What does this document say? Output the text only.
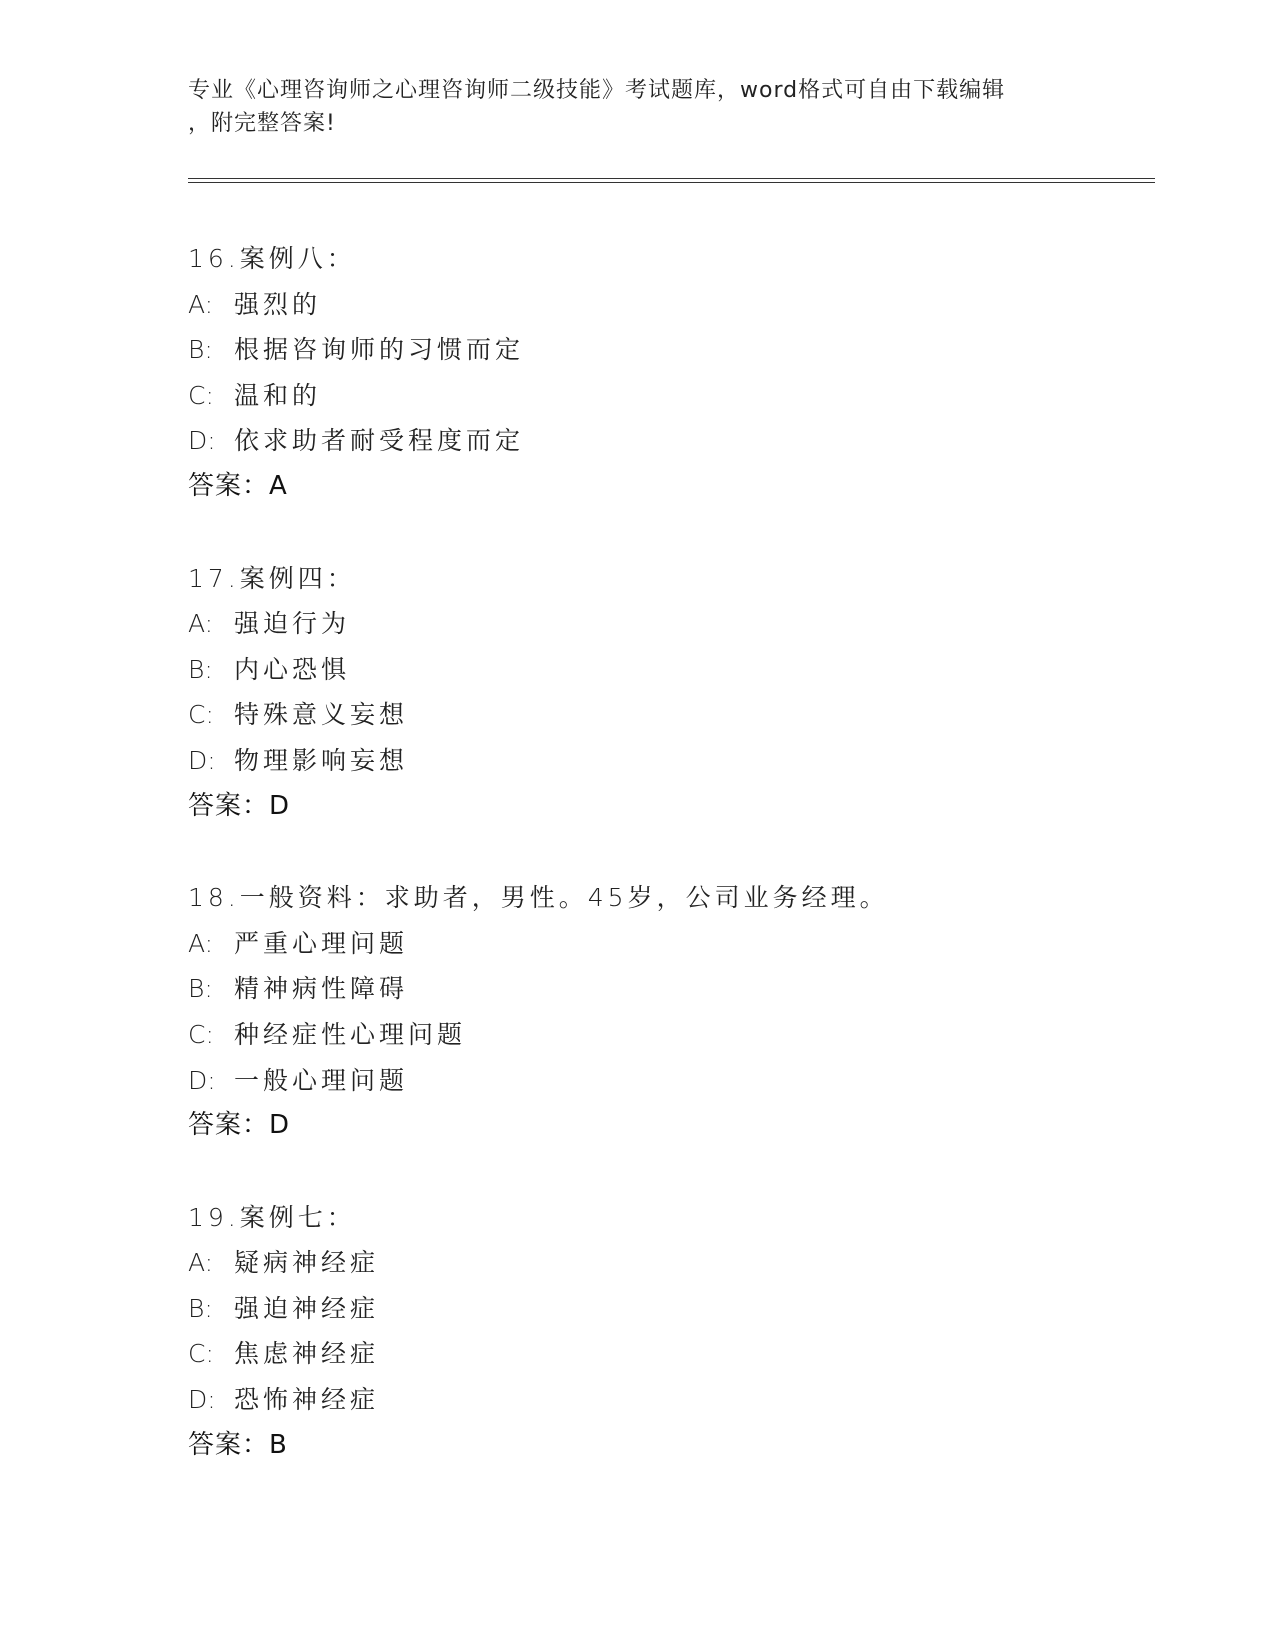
专业《心理咨询师之心理咨询师二级技能》考试题库，word格式可自由下载编辑
，附完整答案!
16.案例八：
A: 强烈的
B: 根据咨询师的习惯而定
C: 温和的
D: 依求助者耐受程度而定
答案：A
17.案例四：
A: 强迫行为
B: 内心恐惧
C: 特殊意义妄想
D: 物理影响妄想
答案：D
18.一般资料：求助者，男性。45岁，公司业务经理。
A: 严重心理问题
B: 精神病性障碍
C: 种经症性心理问题
D: 一般心理问题
答案：D
19.案例七：
A: 疑病神经症
B: 强迫神经症
C: 焦虑神经症
D: 恐怖神经症
答案：B
